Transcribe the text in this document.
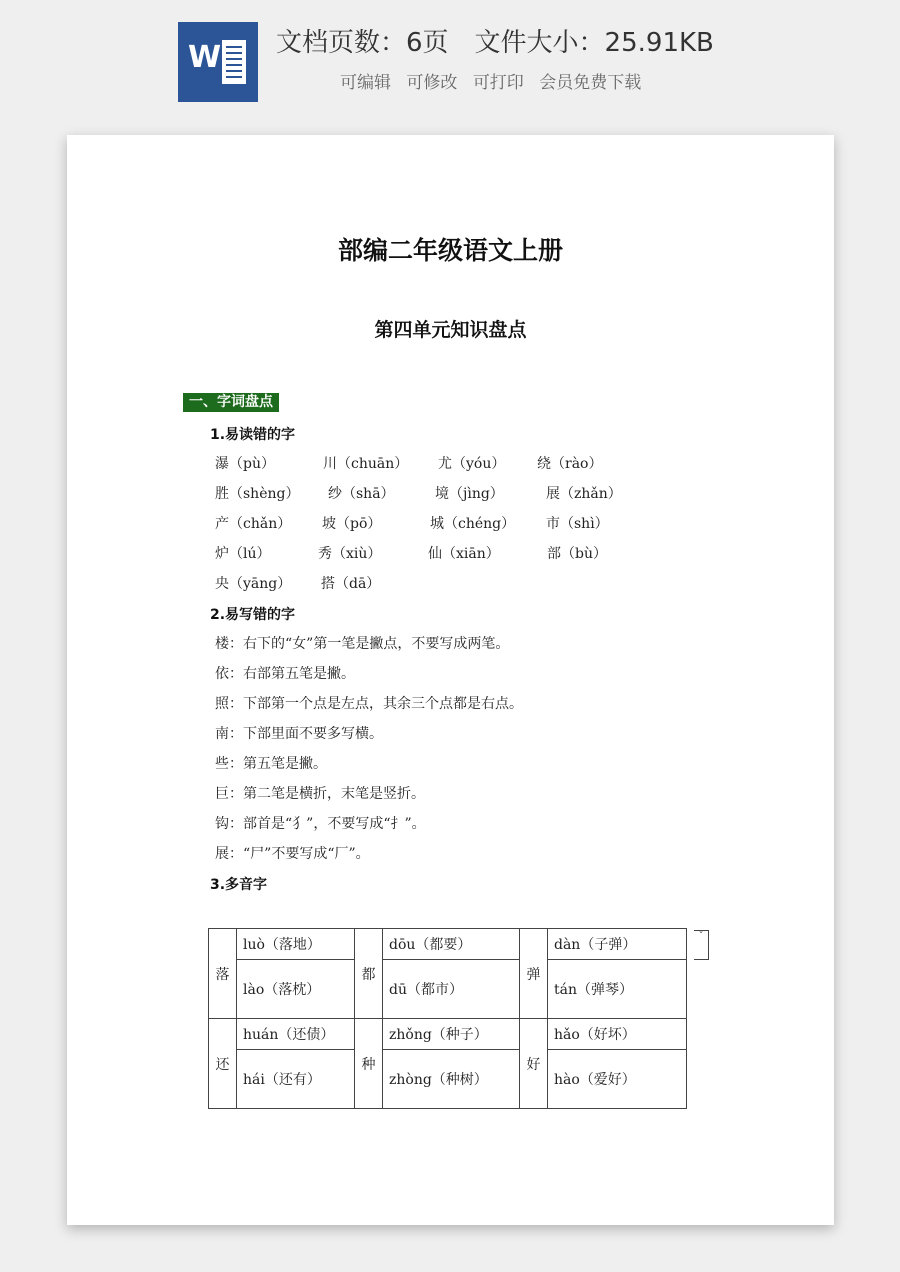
W 文档页数：6页 文件大小：25.91KB
可编辑 可修改 可打印 会员免费下载
部编二年级语文上册
第四单元知识盘点
一、字词盘点
1.易读错的字
瀑（pù）	川（chuān） 尤（yóu） 绕（rào）
胜（shèng） 纱（shā）	境（jìng）	展（zhǎn）
产（chǎn） 坡（pō）	城（chéng） 市（shì）
炉（lú）	秀（xiù）	仙（xiān）	部（bù）
央（yāng） 搭（dā）
2.易写错的字
楼：右下的“女”第一笔是撇点，不要写成两笔。
依：右部第五笔是撇。
照：下部第一个点是左点，其余三个点都是右点。
南：下部里面不要多写横。
些：第五笔是撇。
巨：第二笔是横折，末笔是竖折。
钩：部首是“犭”，不要写成“扌”。
展：“尸”不要写成“厂”。
3.多音字
落	luò（落地）	都	dōu（都要）	弹	dàn（子弹）
	lào（落枕）		dū（都市）		tán（弹琴）
还	huán（还债）	种	zhǒng（种子）	好	hǎo（好坏）
	hái（还有）		zhòng（种树）		hào（爱好）
ˇ
